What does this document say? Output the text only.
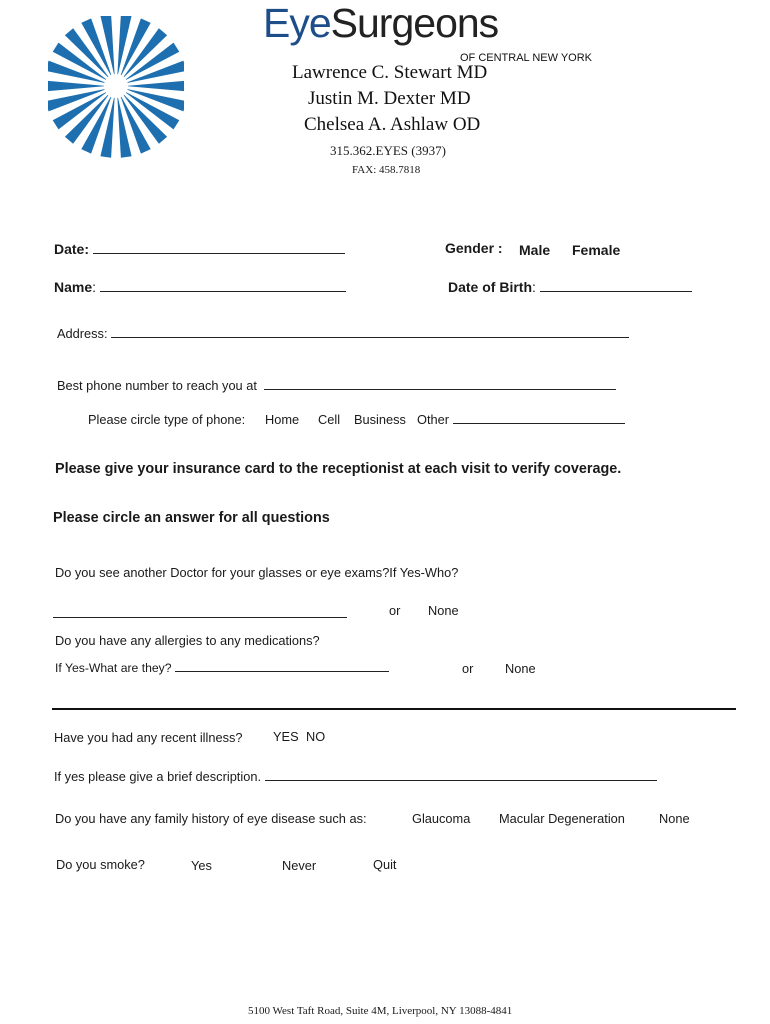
EyeSurgeons
OF CENTRAL NEW YORK
Lawrence C. Stewart MD
Justin M. Dexter MD
Chelsea A. Ashlaw OD
315.362.EYES (3937)
FAX: 458.7818
Date:	Gender : Male Female
Name:	Date of Birth:
Address:
Best phone number to reach you at
Please circle type of phone: Home Cell Business Other
Please give your insurance card to the receptionist at each visit to verify coverage.
Please circle an answer for all questions
Do you see another Doctor for your glasses or eye exams?If Yes-Who?
or None
Do you have any allergies to any medications?
If Yes-What are they?	or None
Have you had any recent illness? YES NO
If yes please give a brief description.
Do you have any family history of eye disease such as:	Glaucoma Macular Degeneration	None
Do you smoke?	Yes	Never	Quit
5100 West Taft Road, Suite 4M, Liverpool, NY 13088-4841
